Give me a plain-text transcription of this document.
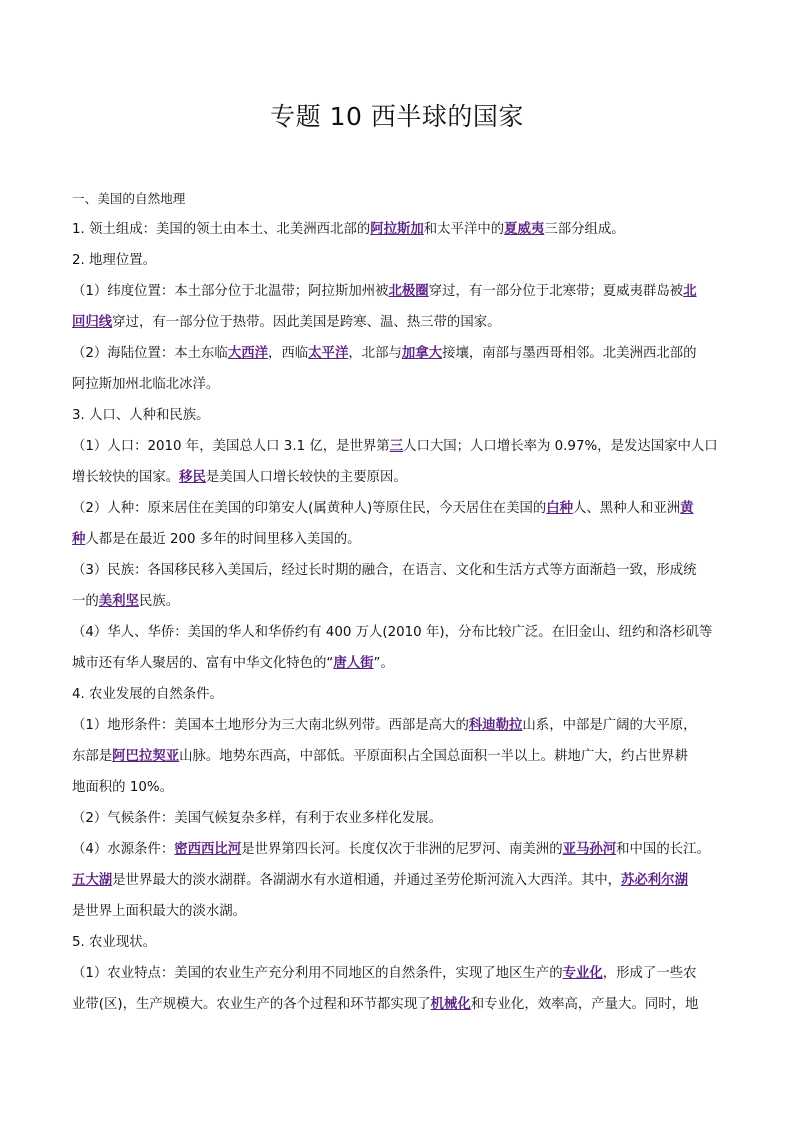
专题 10 西半球的国家
一、美国的自然地理
1. 领土组成：美国的领土由本土、北美洲西北部的阿拉斯加和太平洋中的夏威夷三部分组成。
2. 地理位置。
（1）纬度位置：本土部分位于北温带；阿拉斯加州被北极圈穿过，有一部分位于北寒带；夏威夷群岛被北
回归线穿过，有一部分位于热带。因此美国是跨寒、温、热三带的国家。
（2）海陆位置：本土东临大西洋，西临太平洋，北部与加拿大接壤，南部与墨西哥相邻。北美洲西北部的
阿拉斯加州北临北冰洋。
3. 人口、人种和民族。
（1）人口：2010 年，美国总人口 3.1 亿，是世界第三人口大国；人口增长率为 0.97%，是发达国家中人口
增长较快的国家。移民是美国人口增长较快的主要原因。
（2）人种：原来居住在美国的印第安人(属黄种人)等原住民，今天居住在美国的白种人、黑种人和亚洲黄
种人都是在最近 200 多年的时间里移入美国的。
（3）民族：各国移民移入美国后，经过长时期的融合，在语言、文化和生活方式等方面渐趋一致，形成统
一的美利坚民族。
（4）华人、华侨：美国的华人和华侨约有 400 万人(2010 年)，分布比较广泛。在旧金山、纽约和洛杉矶等
城市还有华人聚居的、富有中华文化特色的“唐人街”。
4. 农业发展的自然条件。
（1）地形条件：美国本土地形分为三大南北纵列带。西部是高大的科迪勒拉山系，中部是广阔的大平原，
东部是阿巴拉契亚山脉。地势东西高，中部低。平原面积占全国总面积一半以上。耕地广大，约占世界耕
地面积的 10%。
（2）气候条件：美国气候复杂多样，有利于农业多样化发展。
（4）水源条件：密西西比河是世界第四长河。长度仅次于非洲的尼罗河、南美洲的亚马孙河和中国的长江。
五大湖是世界最大的淡水湖群。各湖湖水有水道相通，并通过圣劳伦斯河流入大西洋。其中，苏必利尔湖
是世界上面积最大的淡水湖。
5. 农业现状。
（1）农业特点：美国的农业生产充分利用不同地区的自然条件，实现了地区生产的专业化，形成了一些农
业带(区)，生产规模大。农业生产的各个过程和环节都实现了机械化和专业化，效率高，产量大。同时，地
